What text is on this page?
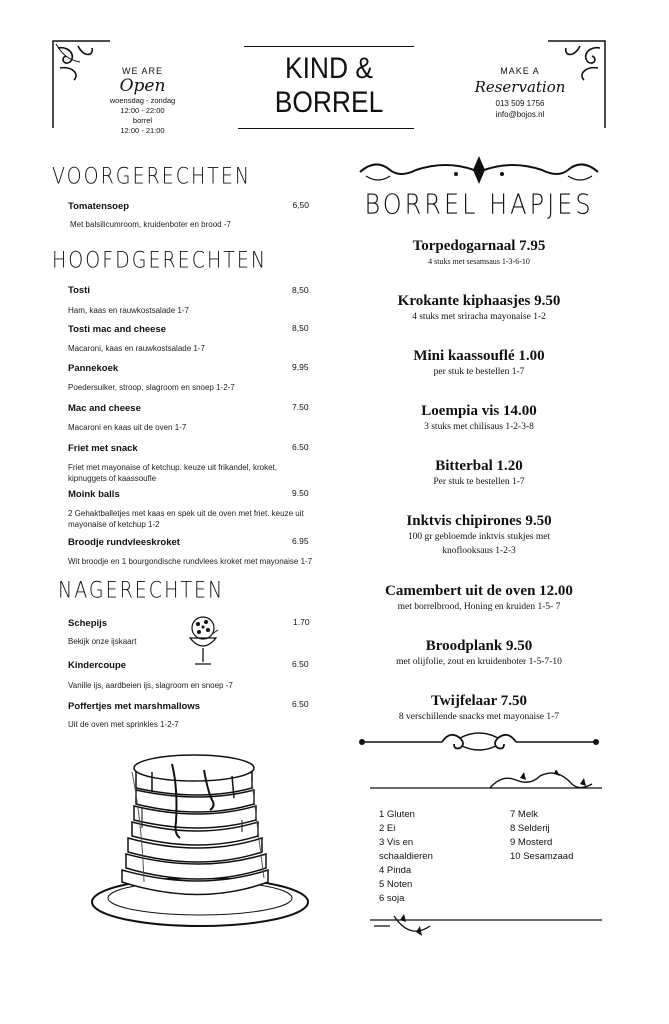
WE ARE
Open
woensdag - zondag
12:00 - 22:00
borrel
12:00 - 21:00
KIND &
BORREL
MAKE A
Reservation
013 509 1756
info@bojos.nl
VOORGERECHTEN
Tomatensoep	6,50
Met balsilicumroom, kruidenboter en brood -7
HOOFDGERECHTEN
Tosti	8,50
Ham, kaas en rauwkostsalade 1-7
Tosti mac and cheese	8,50
Macaroni, kaas en rauwkostsalade 1-7
Pannekoek	9,95
Poedersuiker, stroop, slagroom en snoep 1-2-7
Mac and cheese	7.50
Macaroni en kaas uit de oven 1-7
Friet met snack	6.50
Friet met mayonaise of ketchup. keuze uit frikandel, kroket, kipnuggets of kaassoufle
Moink balls	9.50
2 Gehaktballetjes met kaas en spek uit de oven met friet. keuze uit mayonaise of ketchup 1-2
Broodje rundvleeskroket	6.95
Wit broodje en 1 bourgondische rundvlees kroket met mayonaise 1-7
NAGERECHTEN
Schepijs	1.70
Bekijk onze ijskaart
Kindercoupe	6.50
Vanille ijs, aardbeien ijs, slagroom en snoep -7
Poffertjes met marshmallows	6.50
Uit de oven met sprinkles 1-2-7
BORREL HAPJES
Torpedogarnaal 7.95
4 stuks met sesamsaus 1-3-6-10
Krokante kiphaasjes 9.50
4 stuks met sriracha mayonaise 1-2
Mini kaassouflé 1.00
per stuk te bestellen 1-7
Loempia vis 14.00
3 stuks met chilisaus 1-2-3-8
Bitterbal 1.20
Per stuk te bestellen 1-7
Inktvis chipirones 9.50
100 gr gebloemde inktvis stukjes met knoflooksaus 1-2-3
Camembert uit de oven 12.00
met borrelbrood, Honing en kruiden 1-5- 7
Broodplank 9.50
met olijfolie, zout en kruidenboter 1-5-7-10
Twijfelaar 7.50
8 verschillende snacks met mayonaise 1-7
1 Gluten
2 Ei
3 Vis en
schaaldieren
4 Pinda
5 Noten
6 soja
7 Melk
8 Selderij
9 Mosterd
10 Sesamzaad
